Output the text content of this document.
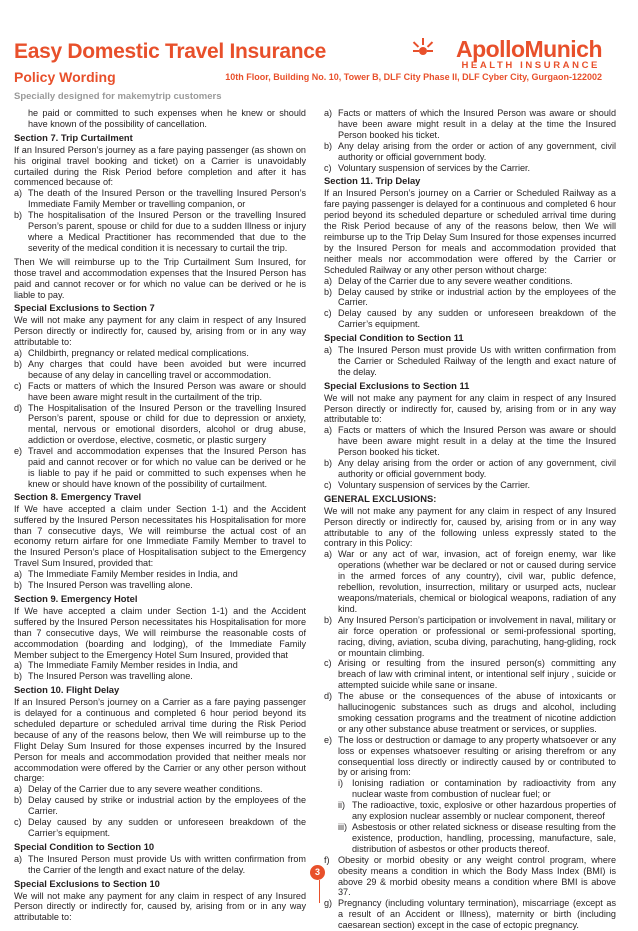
Easy Domestic Travel Insurance
Policy Wording	10th Floor, Building No. 10, Tower B, DLF City Phase II, DLF Cyber City, Gurgaon-122002
Specially designed for makemytrip customers
ApolloMunich
HEALTH INSURANCE

he paid or committed to such expenses when he knew or should have known of the possibility of cancellation.

Section 7. Trip Curtailment

If an Insured Person’s journey as a fare paying passenger (as shown on his original travel booking and ticket) on a Carrier is unavoidably curtailed during the Risk Period before completion and after it has commenced because of:

a) The death of the Insured Person or the travelling Insured Person’s Immediate Family Member or travelling companion, or
b) The hospitalisation of the Insured Person or the travelling Insured Person’s parent, spouse or child for due to a sudden Illness or injury where a Medical Practitioner has recommended that due to the severity of the medical condition it is necessary to curtail the trip.

Then We will reimburse up to the Trip Curtailment Sum Insured, for those travel and accommodation expenses that the Insured Person has paid and cannot recover or for which no value can be derived or he is liable to pay.

Special Exclusions to Section 7

We will not make any payment for any claim in respect of any Insured Person directly or indirectly for, caused by, arising from or in any way attributable to:

a) Childbirth, pregnancy or related medical complications.
b) Any charges that could have been avoided but were incurred because of any delay in cancelling travel or accommodation.
c) Facts or matters of which the Insured Person was aware or should have been aware might result in the curtailment of the trip.
d) The Hospitalisation of the Insured Person or the travelling Insured Person’s parent, spouse or child for due to depression or anxiety, mental, nervous or emotional disorders, alcohol or drug abuse, addiction or overdose, elective, cosmetic, or plastic surgery
e) Travel and accommodation expenses that the Insured Person has paid and cannot recover or for which no value can be derived or he is liable to pay if he paid or committed to such expenses when he knew or should have known of the possibility of curtailment.
Section 8. Emergency Travel

If We have accepted a claim under Section 1-1) and the Accident suffered by the Insured Person necessitates his Hospitalisation for more than 7 consecutive days, We will reimburse the actual cost of an economy return airfare for one Immediate Family Member to travel to the Insured Person’s place of Hospitalisation subject to the Emergency Travel Sum Insured, provided that:

a) The Immediate Family Member resides in India, and
b) The Insured Person was travelling alone.
Section 9. Emergency Hotel

If We have accepted a claim under Section 1-1) and the Accident suffered by the Insured Person necessitates his Hospitalisation for more than 7 consecutive days, We will reimburse the reasonable costs of accommodation (boarding and lodging), of the Immediate Family Member subject to the Emergency Hotel Sum Insured, provided that

a) The Immediate Family Member resides in India, and
b) The Insured Person was travelling alone.
Section 10. Flight Delay

If an Insured Person’s journey on a Carrier as a fare paying passenger is delayed for a continuous and completed 6 hour period beyond its scheduled departure or scheduled arrival time during the Risk Period because of any of the reasons below, then We will reimburse up to the Flight Delay Sum Insured for those expenses incurred by the Insured Person for meals and accommodation provided that neither meals nor accommodation were offered by the Carrier or any other person without charge:

a) Delay of the Carrier due to any severe weather conditions.
b) Delay caused by strike or industrial action by the employees of the Carrier.
c) Delay caused by any sudden or unforeseen breakdown of the Carrier’s equipment.
Special Condition to Section 10
a) The Insured Person must provide Us with written confirmation from the Carrier of the length and exact nature of the delay.
Special Exclusions to Section 10

We will not make any payment for any claim in respect of any Insured Person directly or indirectly for, caused by, arising from or in any way attributable to:

a) Facts or matters of which the Insured Person was aware or should have been aware might result in a delay at the time the Insured Person booked his ticket.
b) Any delay arising from the order or action of any government, civil authority or official government body.
c) Voluntary suspension of services by the Carrier.
Section 11. Trip Delay

If an Insured Person’s journey on a Carrier or Scheduled Railway as a fare paying passenger is delayed for a continuous and completed 6 hour period beyond its scheduled departure or scheduled arrival time during the Risk Period because of any of the reasons below, then We will reimburse up to the Trip Delay Sum Insured for those expenses incurred by the Insured Person for meals and accommodation provided that neither meals nor accommodation were offered by the Carrier or Scheduled Railway or any other person without charge:

a) Delay of the Carrier due to any severe weather conditions.
b) Delay caused by strike or industrial action by the employees of the Carrier.
c) Delay caused by any sudden or unforeseen breakdown of the Carrier’s equipment.
Special Condition to Section 11
a) The Insured Person must provide Us with written confirmation from the Carrier or Scheduled Railway of the length and exact nature of the delay.
Special Exclusions to Section 11

We will not make any payment for any claim in respect of any Insured Person directly or indirectly for, caused by, arising from or in any way attributable to:

a) Facts or matters of which the Insured Person was aware or should have been aware might result in a delay at the time the Insured Person booked his ticket.
b) Any delay arising from the order or action of any government, civil authority or official government body.
c) Voluntary suspension of services by the Carrier.
GENERAL EXCLUSIONS:

We will not make any payment for any claim in respect of any Insured Person directly or indirectly for, caused by, arising from or in any way attributable to any of the following unless expressly stated to the contrary in this Policy:

a) War or any act of war, invasion, act of foreign enemy, war like operations (whether war be declared or not or caused during service in the armed forces of any country), civil war, public defence, rebellion, revolution, insurrection, military or usurped acts, nuclear weapons/materials, chemical or biological weapons, radiation of any kind.
b) Any Insured Person’s participation or involvement in naval, military or air force operation or professional or semi-professional sporting, racing, diving, aviation, scuba diving, parachuting, hang-gliding, rock or mountain climbing.
c) Arising or resulting from the insured person(s) committing any breach of law with criminal intent, or intentional self injury , suicide or attempted suicide while sane or insane.
d) The abuse or the consequences of the abuse of intoxicants or hallucinogenic substances such as drugs and alcohol, including smoking cessation programs and the treatment of nicotine addiction or any other substance abuse treatment or services, or supplies.
e) The loss or destruction or damage to any property whatsoever or any loss or expenses whatsoever resulting or arising therefrom or any consequential loss directly or indirectly caused by or contributed to by or arising from:
i) Ionising radiation or contamination by radioactivity from any nuclear waste from combustion of nuclear fuel; or
ii) The radioactive, toxic, explosive or other hazardous properties of any explosion nuclear assembly or nuclear component, thereof
iii) Asbestosis or other related sickness or disease resulting from the existence, production, handling, processing, manufacture, sale, distribution of asbestos or other products thereof.
f) Obesity or morbid obesity or any weight control program, where obesity means a condition in which the Body Mass Index (BMI) is above 29 & morbid obesity means a condition where BMI is above 37.
g) Pregnancy (including voluntary termination), miscarriage (except as a result of an Accident or Illness), maternity or birth (including caesarean section) except in the case of ectopic pregnancy.
3
